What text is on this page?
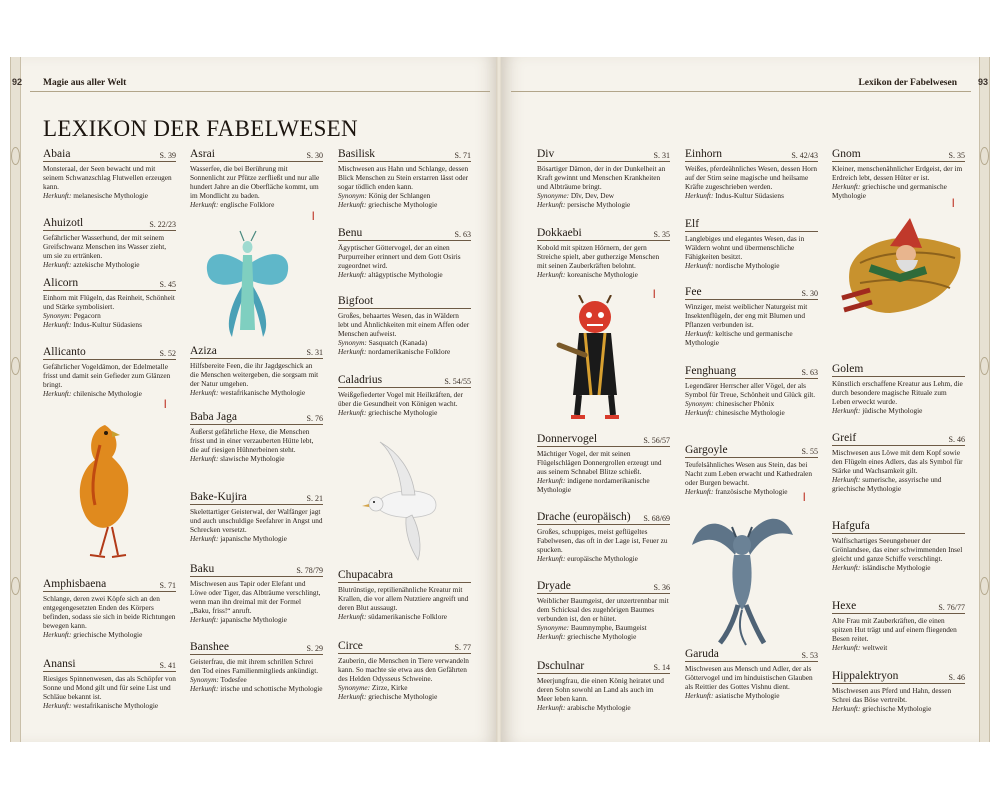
92 Magie aus aller Welt
LEXIKON DER FABELWESEN
93
Lexikon der Fabelwesen
Abaia	S. 39
Monsteraal, der Seen bewacht und mit seinem Schwanzschlag Flutwellen erzeugen kann.
Herkunft: melanesische Mythologie
Ahuizotl	S. 22/23
Gefährlicher Wasserhund, der mit seinem Greifschwanz Menschen ins Wasser zieht, um sie zu ertränken.
Herkunft: aztekische Mythologie
Alicorn	S. 45
Einhorn mit Flügeln, das Reinheit, Schönheit und Stärke symbolisiert.
Synonym: Pegacorn
Herkunft: Indus-Kultur Südasiens
Allicanto	S. 52
Gefährlicher Vogeldämon, der Edelmetalle frisst und damit sein Gefieder zum Glänzen bringt.
Herkunft: chilenische Mythologie
Amphisbaena	S. 71
Schlange, deren zwei Köpfe sich an den entgegengesetzten Enden des Körpers befinden, sodass sie sich in beide Richtungen bewegen kann.
Herkunft: griechische Mythologie
Anansi	S. 41
Riesiges Spinnenwesen, das als Schöpfer von Sonne und Mond gilt und für seine List und Schläue bekannt ist.
Herkunft: westafrikanische Mythologie
Asrai	S. 30
Wasserfee, die bei Berührung mit Sonnenlicht zur Pfütze zerfließt und nur alle hundert Jahre an die Oberfläche kommt, um im Mondlicht zu baden.
Herkunft: englische Folklore
Aziza	S. 31
Hilfsbereite Feen, die ihr Jagdgeschick an die Menschen weitergeben, die sorgsam mit der Natur umgehen.
Herkunft: westafrikanische Mythologie
Baba Jaga	S. 76
Äußerst gefährliche Hexe, die Menschen frisst und in einer verzauberten Hütte lebt, die auf riesigen Hühnerbeinen steht.
Herkunft: slawische Mythologie
Bake-Kujira	S. 21
Skelettartiger Geisterwal, der Walfänger jagt und auch unschuldige Seefahrer in Angst und Schrecken versetzt.
Herkunft: japanische Mythologie
Baku	S. 78/79
Mischwesen aus Tapir oder Elefant und Löwe oder Tiger, das Albträume verschlingt, wenn man ihn dreimal mit der Formel „Baku, friss!“ anruft.
Herkunft: japanische Mythologie
Banshee	S. 29
Geisterfrau, die mit ihrem schrillen Schrei den Tod eines Familienmitglieds ankündigt.
Synonym: Todesfee
Herkunft: irische und schottische Mythologie
Basilisk	S. 71
Mischwesen aus Hahn und Schlange, dessen Blick Menschen zu Stein erstarren lässt oder sogar tödlich enden kann.
Synonym: König der Schlangen
Herkunft: griechische Mythologie
Benu	S. 63
Ägyptischer Göttervogel, der an einen Purpurreiher erinnert und dem Gott Osiris zugeordnet wird.
Herkunft: altägyptische Mythologie
Bigfoot
Großes, behaartes Wesen, das in Wäldern lebt und Ähnlichkeiten mit einem Affen oder Menschen aufweist.
Synonym: Sasquatch (Kanada)
Herkunft: nordamerikanische Folklore
Caladrius	S. 54/55
Weißgefiederter Vogel mit Heilkräften, der über die Gesundheit von Königen wacht.
Herkunft: griechische Mythologie
Chupacabra
Blutrünstige, reptilienähnliche Kreatur mit Krallen, die vor allem Nutztiere angreift und deren Blut aussaugt.
Herkunft: südamerikanische Folklore
Circe	S. 77
Zauberin, die Menschen in Tiere verwandeln kann. So machte sie etwa aus den Gefährten des Helden Odysseus Schweine.
Synonyme: Zirze, Kirke
Herkunft: griechische Mythologie
Div	S. 31
Bösartiger Dämon, der in der Dunkelheit an Kraft gewinnt und Menschen Krankheiten und Albträume bringt.
Synonyme: Dīv, Dev, Dew
Herkunft: persische Mythologie
Dokkaebi	S. 35
Kobold mit spitzen Hörnern, der gern Streiche spielt, aber gutherzige Menschen mit seinen Zauberkräften belohnt.
Herkunft: koreanische Mythologie
Donnervogel	S. 56/57
Mächtiger Vogel, der mit seinen Flügelschlägen Donnergrollen erzeugt und aus seinem Schnabel Blitze schießt.
Herkunft: indigene nordamerikanische Mythologie
Drache (europäisch) S. 68/69
Großes, schuppiges, meist geflügeltes Fabelwesen, das oft in der Lage ist, Feuer zu spucken.
Herkunft: europäische Mythologie
Dryade	S. 36
Weiblicher Baumgeist, der unzertrennbar mit dem Schicksal des zugehörigen Baumes verbunden ist, den er hütet.
Synonyme: Baumnymphe, Baumgeist
Herkunft: griechische Mythologie
Dschulnar	S. 14
Meerjungfrau, die einen König heiratet und deren Sohn sowohl an Land als auch im Meer leben kann.
Herkunft: arabische Mythologie
Einhorn	S. 42/43
Weißes, pferdeähnliches Wesen, dessen Horn auf der Stirn seine magische und heilsame Kräfte zugeschrieben werden.
Herkunft: Indus-Kultur Südasiens
Elf
Langlebiges und elegantes Wesen, das in Wäldern wohnt und übermenschliche Fähigkeiten besitzt.
Herkunft: nordische Mythologie
Fee	S. 30
Winziger, meist weiblicher Naturgeist mit Insektenflügeln, der eng mit Blumen und Pflanzen verbunden ist.
Herkunft: keltische und germanische Mythologie
Fenghuang	S. 63
Legendärer Herrscher aller Vögel, der als Symbol für Treue, Schönheit und Glück gilt.
Synonym: chinesischer Phönix
Herkunft: chinesische Mythologie
Gargoyle	S. 55
Teufelsähnliches Wesen aus Stein, das bei Nacht zum Leben erwacht und Kathedralen oder Burgen bewacht.
Herkunft: französische Mythologie
Garuda	S. 53
Mischwesen aus Mensch und Adler, der als Göttervogel und im hinduistischen Glauben als Reittier des Gottes Vishnu dient.
Herkunft: asiatische Mythologie
Gnom	S. 35
Kleiner, menschenähnlicher Erdgeist, der im Erdreich lebt, dessen Hüter er ist.
Herkunft: griechische und germanische Mythologie
Golem
Künstlich erschaffene Kreatur aus Lehm, die durch besondere magische Rituale zum Leben erweckt wurde.
Herkunft: jüdische Mythologie
Greif	S. 46
Mischwesen aus Löwe mit dem Kopf sowie den Flügeln eines Adlers, das als Symbol für Stärke und Wachsamkeit gilt.
Herkunft: sumerische, assyrische und griechische Mythologie
Hafgufa
Walfischartiges Seeungeheuer der Grönlandsee, das einer schwimmenden Insel gleicht und ganze Schiffe verschlingt.
Herkunft: isländische Mythologie
Hexe	S. 76/77
Alte Frau mit Zauberkräften, die einen spitzen Hut trägt und auf einem fliegenden Besen reitet.
Herkunft: weltweit
Hippalektryon	S. 46
Mischwesen aus Pferd und Hahn, dessen Schrei das Böse vertreibt.
Herkunft: griechische Mythologie
|
|
|
|
|
